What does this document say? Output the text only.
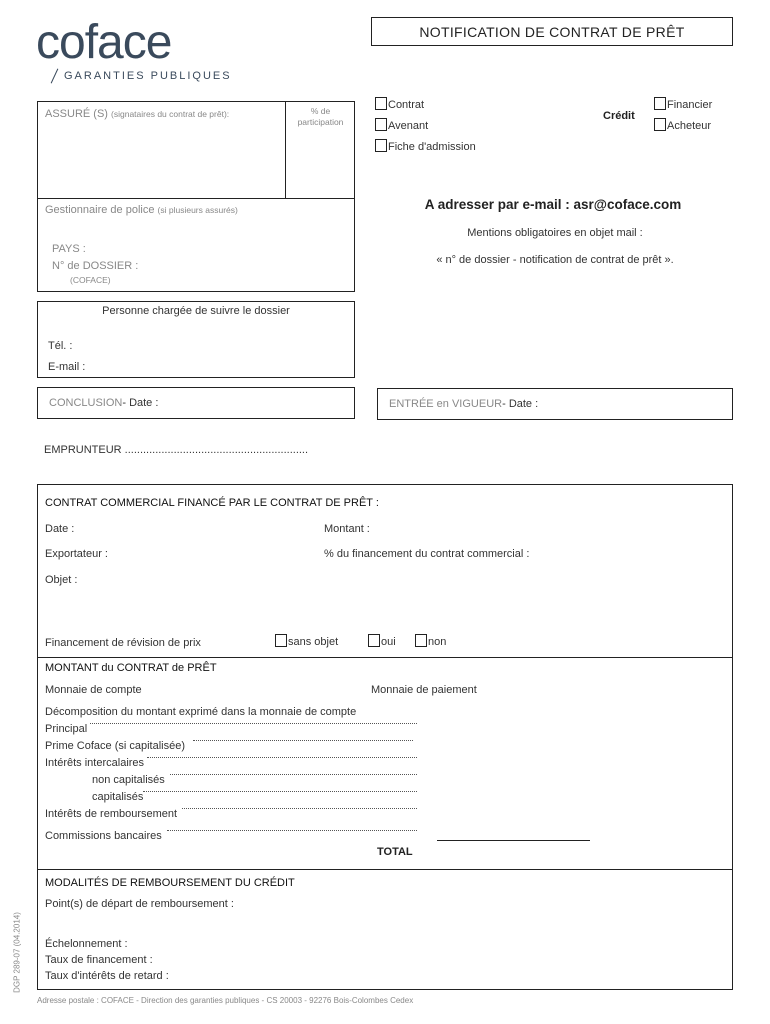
coface
GARANTIES PUBLIQUES
NOTIFICATION DE CONTRAT DE PRÊT
ASSURÉ (S) (signataires du contrat de prêt):	% de
participation
Gestionnaire de police (si plusieurs assurés)
PAYS :
N° de DOSSIER :
(COFACE)
Contrat
Avenant
Fiche d'admission
Crédit
Financier
Acheteur
A adresser par e-mail : asr@coface.com
Mentions obligatoires en objet mail :
« n° de dossier - notification de contrat de prêt ».
Personne chargée de suivre le dossier
Tél. :
E-mail :
CONCLUSION - Date :	ENTRÉE en VIGUEUR - Date :
EMPRUNTEUR ............................................................
CONTRAT COMMERCIAL FINANCÉ PAR LE CONTRAT DE PRÊT :
Date :	Montant :
Exportateur :	% du financement du contrat commercial :
Objet :
Financement de révision de prix	sans objet	oui	non
MONTANT du CONTRAT de PRÊT
Monnaie de compte	Monnaie de paiement
Décomposition du montant exprimé dans la monnaie de compte
Principal
Prime Coface (si capitalisée)
Intérêts intercalaires
non capitalisés
capitalisés
Intérêts de remboursement
Commissions bancaires
TOTAL
MODALITÉS DE REMBOURSEMENT DU CRÉDIT
Point(s) de départ de remboursement :
Échelonnement :
Taux de financement :
Taux d'intérêts de retard :
DGP 289-07 (04.2014)
Adresse postale : COFACE - Direction des garanties publiques - CS 20003 - 92276 Bois-Colombes Cedex
